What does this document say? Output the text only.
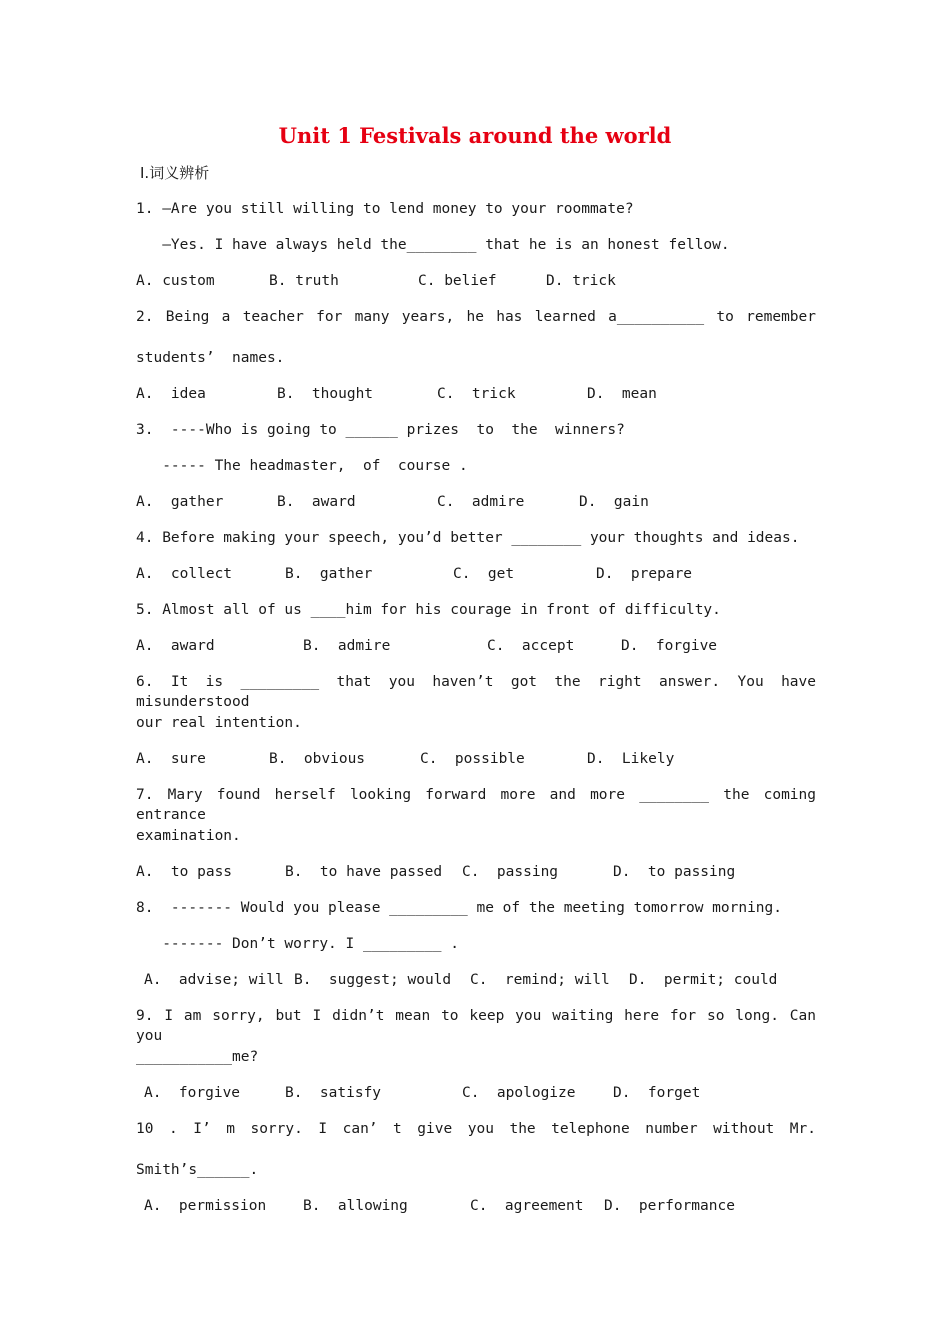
Unit 1 Festivals around the world
Ⅰ.词义辨析
1. —Are you still willing to lend money to your roommate?
—Yes. I have always held the________ that he is an honest fellow.
A. custom	B. truth	C. belief	D. trick
2. Being a teacher for many years, he has learned a__________ to remember
students’  names.
A.  idea	B.  thought	C.  trick	D.  mean
3.  ----Who is going to ______ prizes  to  the  winners?
----- The headmaster,  of  course .
A.  gather	B.  award	C.  admire	D.  gain
4. Before making your speech, you’d better ________ your thoughts and ideas.
A.  collect	B.  gather	C.  get	D.  prepare
5. Almost all of us ____him for his courage in front of difficulty.
A.  award	B.  admire	C.  accept	D.  forgive
6. It is _________ that you haven’t got the right answer. You have misunderstood
our real intention.
A.  sure	B.  obvious	C.  possible	D.  Likely
7. Mary found herself looking forward more and more ________ the coming entrance
examination.
A.  to pass	B.  to have passed C.  passing	D.  to passing
8.  ------- Would you please _________ me of the meeting tomorrow morning.
------- Don’t worry. I _________ .
A.  advise; will B.  suggest; would C.  remind; will D.  permit; could
9. I am sorry, but I didn’t mean to keep you waiting here for so long. Can you
___________me?
A.  forgive	B.  satisfy	C.  apologize	D.  forget
10 . I’ m sorry. I can’ t give you the telephone number without Mr.
Smith’s______.
A.  permission	B.  allowing	C.  agreement D.  performance
